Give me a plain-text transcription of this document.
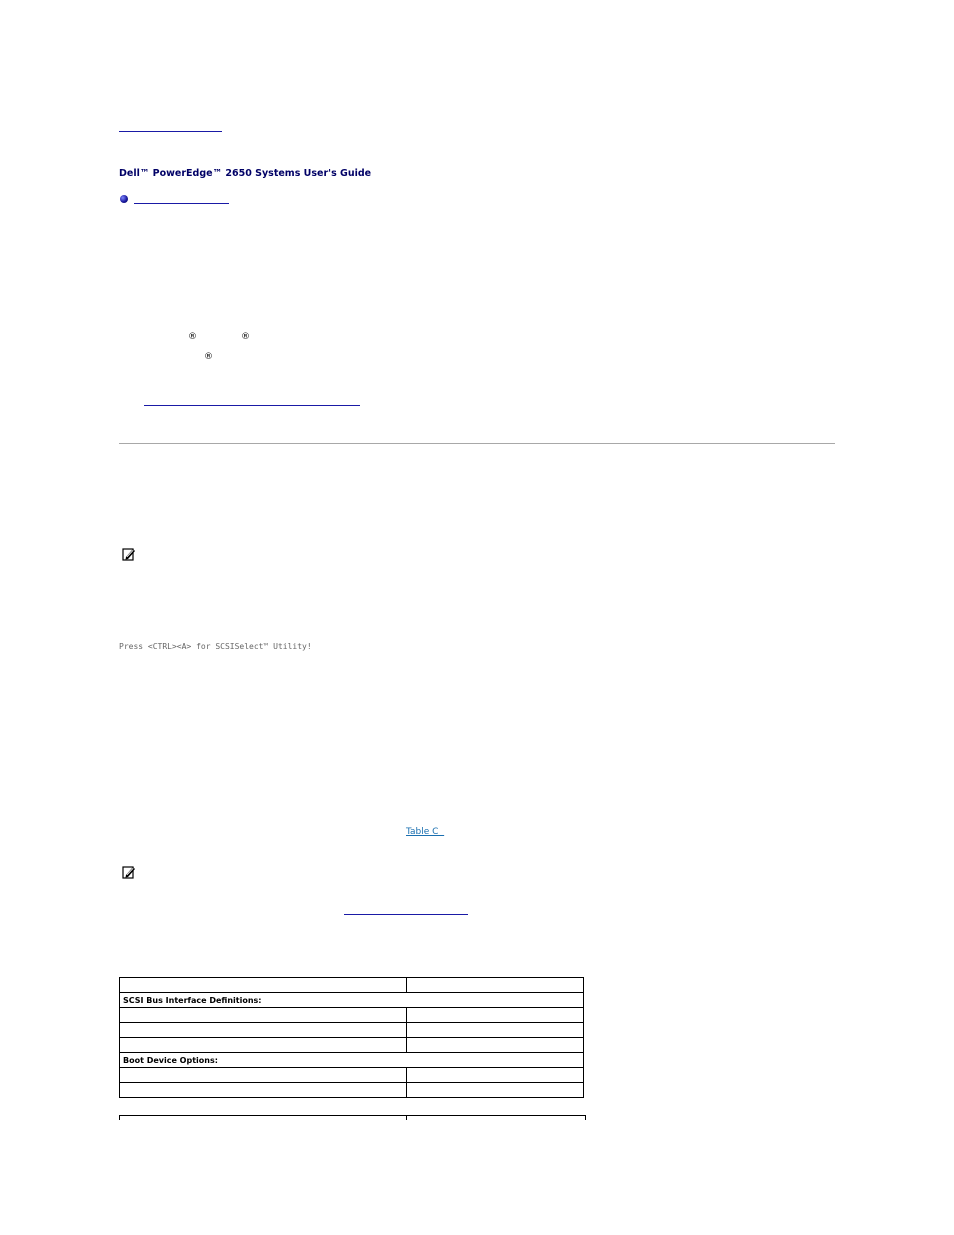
Dell™ PowerEdge™ 2650 Systems User's Guide
®	®
®
Press <CTRL><A> for SCSISelect™ Utility!
Table C

SCSI Bus Interface Definitions:	

Boot Device Options:	
